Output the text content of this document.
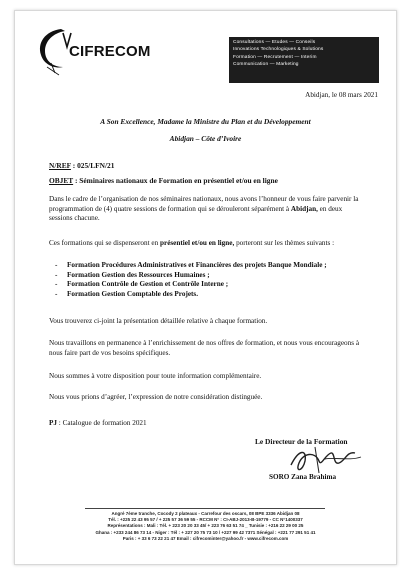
CIFRECOM
Consultations — Etudes — Conseils
Innovations Technologiques & Solutions
Formation — Recrutement — Interim
Communication — Marketing
Abidjan, le 08 mars 2021
A Son Excellence, Madame la Ministre du Plan et du Développement
Abidjan – Côte d’Ivoire
N/REF : 025/LFN/21
OBJET : Séminaires nationaux de Formation en présentiel et/ou en ligne
Dans le cadre de l’organisation de nos séminaires nationaux, nous avons l’honneur de vous faire parvenir la programmation de (4) quatre sessions de formation qui se dérouleront séparément à Abidjan, en deux sessions chacune.
Ces formations qui se dispenseront en présentiel et/ou en ligne, porteront sur les thèmes suivants :
- Formation Procédures Administratives et Financières des projets Banque Mondiale ;
- Formation Gestion des Ressources Humaines ;
- Formation Contrôle de Gestion et Contrôle Interne ;
- Formation Gestion Comptable des Projets.
Vous trouverez ci-joint la présentation détaillée relative à chaque formation.
Nous travaillons en permanence à l’enrichissement de nos offres de formation, et nous vous encourageons à nous faire part de vos besoins spécifiques.
Nous sommes à votre disposition pour toute information complémentaire.
Nous vous prions d’agréer, l’expression de notre considération distinguée.
PJ : Catalogue de formation 2021
Le Directeur de la Formation
SORO Zana Brahima
Angré 7ème tranche, Cocody 2 plateaux - Carrefour des oscars, 08 BPE 3336 Abidjan 08
Tél. : +225 22 43 95 57 / + 225 57 36 59 55 - RCCM N° : CI-ABJ-2013-B-19779 - CC N°1400337
Représentations : Mali : Tél. + 223 20 20 33 45/ + 223 76 63 51 74 _ Tunisie : +216 22 29 00 25
Ghana : +233 244 86 73 14 - Niger : Tél : + 227 20 75 73 10 / +227 99 42 7371 Sénégal : +221 77 291 51 41
Paris : + 33 6 73 22 21 47 Email : cifrecominter@yahoo.fr - www.cifrecom.com
